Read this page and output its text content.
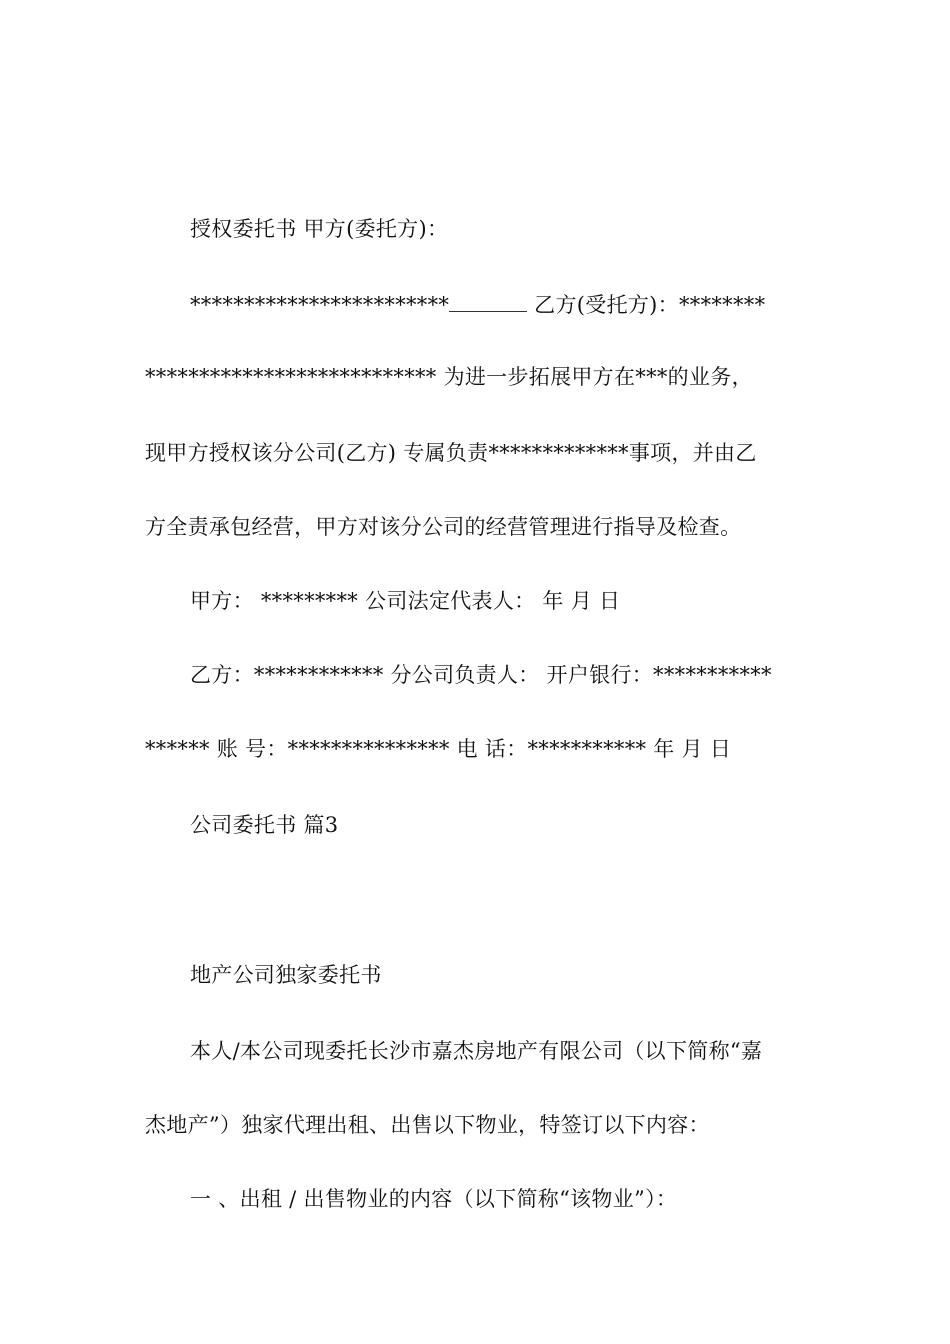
授权委托书 甲方(委托方)：
************************	乙方(受托方)：********
*************************** 为进一步拓展甲方在***的业务，
现甲方授权该分公司(乙方) 专属负责*************事项，并由乙
方全责承包经营，甲方对该分公司的经营管理进行指导及检查。
甲方： ********* 公司法定代表人： 年 月 日
乙方：************ 分公司负责人： 开户银行：***********
****** 账 号：*************** 电 话：*********** 年 月 日
公司委托书 篇3
地产公司独家委托书
本人/本公司现委托长沙市嘉杰房地产有限公司（以下简称“嘉
杰地产”）独家代理出租、出售以下物业，特签订以下内容：
一 、出租 / 出售物业的内容（以下简称“该物业”）：
